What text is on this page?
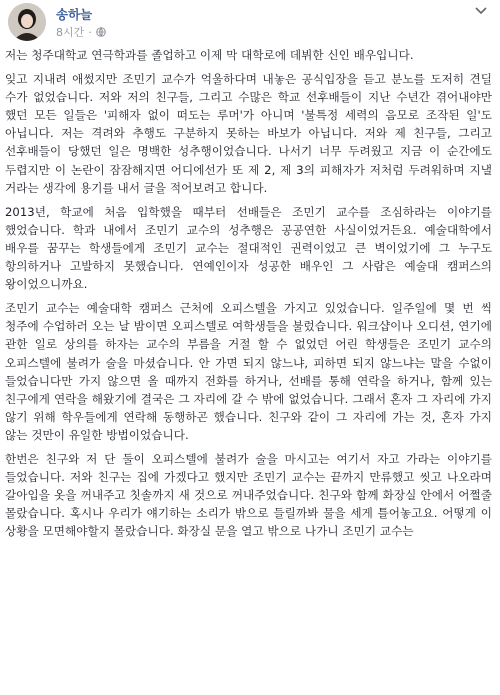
송하늘
8시간 ·

저는 청주대학교 연극학과를 졸업하고 이제 막 대학로에 데뷔한 신인 배우입니다.

잊고 지내려 애썼지만 조민기 교수가 억울하다며 내놓은 공식입장을 듣고 분노를 도저히 견딜 수가 없었습니다. 저와 저의 친구들, 그리고 수많은 학교 선후배들이 지난 수년간 겪어내야만 했던 모든 일들은 '피해자 없이 떠도는 루머'가 아니며 '불특정 세력의 음모로 조작된 일'도 아닙니다. 저는 격려와 추행도 구분하지 못하는 바보가 아닙니다. 저와 제 친구들, 그리고 선후배들이 당했던 일은 명백한 성추행이었습니다. 나서기 너무 두려웠고 지금 이 순간에도 두렵지만 이 논란이 잠잠해지면 어디에선가 또 제 2, 제 3의 피해자가 저처럼 두려워하며 지낼 거라는 생각에 용기를 내서 글을 적어보려고 합니다.

2013년, 학교에 처음 입학했을 때부터 선배들은 조민기 교수를 조심하라는 이야기를 했었습니다. 학과 내에서 조민기 교수의 성추행은 공공연한 사실이었거든요. 예술대학에서 배우를 꿈꾸는 학생들에게 조민기 교수는 절대적인 권력이었고 큰 벽이었기에 그 누구도 항의하거나 고발하지 못했습니다. 연예인이자 성공한 배우인 그 사람은 예술대 캠퍼스의 왕이었으니까요.

조민기 교수는 예술대학 캠퍼스 근처에 오피스텔을 가지고 있었습니다. 일주일에 몇 번 씩 청주에 수업하러 오는 날 밤이면 오피스텔로 여학생들을 불렀습니다. 워크샵이나 오디션, 연기에 관한 일로 상의를 하자는 교수의 부름을 거절 할 수 없었던 어린 학생들은 조민기 교수의 오피스텔에 불려가 술을 마셨습니다. 안 가면 되지 않느냐, 피하면 되지 않느냐는 말을 수없이 들었습니다만 가지 않으면 올 때까지 전화를 하거나, 선배를 통해 연락을 하거나, 함께 있는 친구에게 연락을 해왔기에 결국은 그 자리에 갈 수 밖에 없었습니다. 그래서 혼자 그 자리에 가지 않기 위해 학우들에게 연락해 동행하곤 했습니다. 친구와 같이 그 자리에 가는 것, 혼자 가지 않는 것만이 유일한 방법이었습니다.

한번은 친구와 저 단 둘이 오피스텔에 불려가 술을 마시고는 여기서 자고 가라는 이야기를 들었습니다. 저와 친구는 집에 가겠다고 했지만 조민기 교수는 끝까지 만류했고 씻고 나오라며 갈아입을 옷을 꺼내주고 칫솔까지 새 것으로 꺼내주었습니다. 친구와 함께 화장실 안에서 어쩔줄 몰랐습니다. 혹시나 우리가 얘기하는 소리가 밖으로 들릴까봐 물을 세게 틀어놓고요. 어떻게 이 상황을 모면해야할지 몰랐습니다. 화장실 문을 열고 밖으로 나가니 조민기 교수는
